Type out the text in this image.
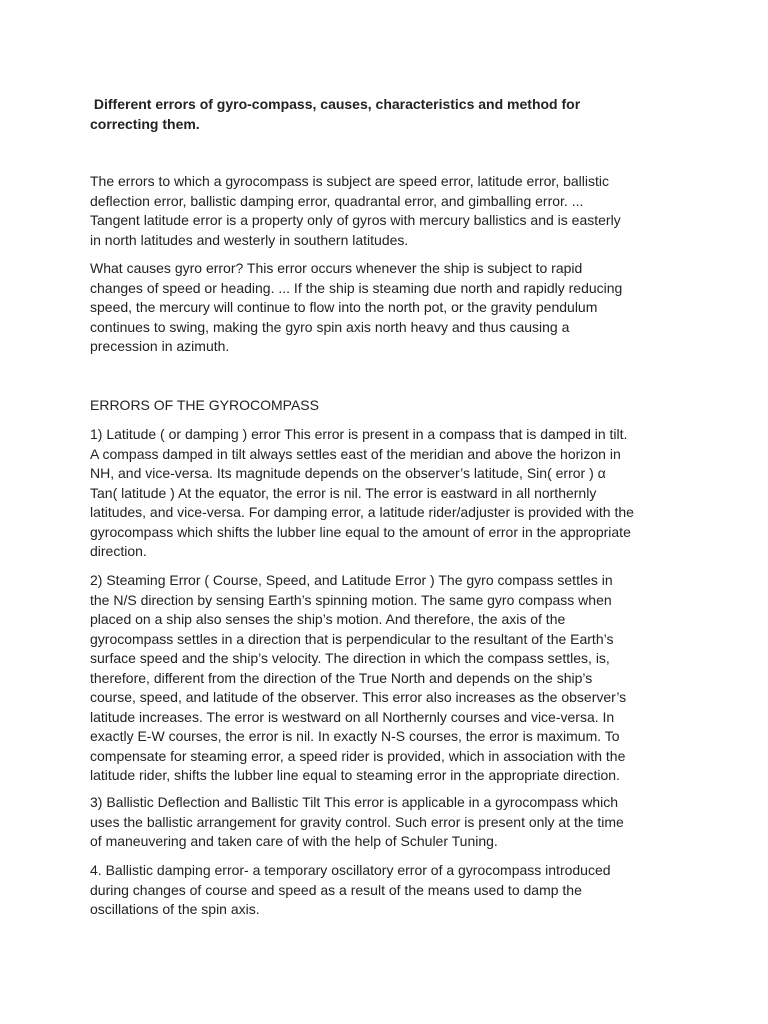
Different errors of gyro-compass, causes, characteristics and method for
correcting them.

The errors to which a gyrocompass is subject are speed error, latitude error, ballistic
deflection error, ballistic damping error, quadrantal error, and gimballing error. ...
Tangent latitude error is a property only of gyros with mercury ballistics and is easterly
in north latitudes and westerly in southern latitudes.

What causes gyro error? This error occurs whenever the ship is subject to rapid
changes of speed or heading. ... If the ship is steaming due north and rapidly reducing
speed, the mercury will continue to flow into the north pot, or the gravity pendulum
continues to swing, making the gyro spin axis north heavy and thus causing a
precession in azimuth.

ERRORS OF THE GYROCOMPASS

1) Latitude ( or damping ) error This error is present in a compass that is damped in tilt.
A compass damped in tilt always settles east of the meridian and above the horizon in
NH, and vice-versa. Its magnitude depends on the observer’s latitude, Sin( error ) α
Tan( latitude ) At the equator, the error is nil. The error is eastward in all northernly
latitudes, and vice-versa. For damping error, a latitude rider/adjuster is provided with the
gyrocompass which shifts the lubber line equal to the amount of error in the appropriate
direction.

2) Steaming Error ( Course, Speed, and Latitude Error ) The gyro compass settles in
the N/S direction by sensing Earth’s spinning motion. The same gyro compass when
placed on a ship also senses the ship’s motion. And therefore, the axis of the
gyrocompass settles in a direction that is perpendicular to the resultant of the Earth’s
surface speed and the ship’s velocity. The direction in which the compass settles, is,
therefore, different from the direction of the True North and depends on the ship’s
course, speed, and latitude of the observer. This error also increases as the observer’s
latitude increases. The error is westward on all Northernly courses and vice-versa. In
exactly E-W courses, the error is nil. In exactly N-S courses, the error is maximum. To
compensate for steaming error, a speed rider is provided, which in association with the
latitude rider, shifts the lubber line equal to steaming error in the appropriate direction.

3) Ballistic Deflection and Ballistic Tilt This error is applicable in a gyrocompass which
uses the ballistic arrangement for gravity control. Such error is present only at the time
of maneuvering and taken care of with the help of Schuler Tuning.

4. Ballistic damping error- a temporary oscillatory error of a gyrocompass introduced
during changes of course and speed as a result of the means used to damp the
oscillations of the spin axis.
